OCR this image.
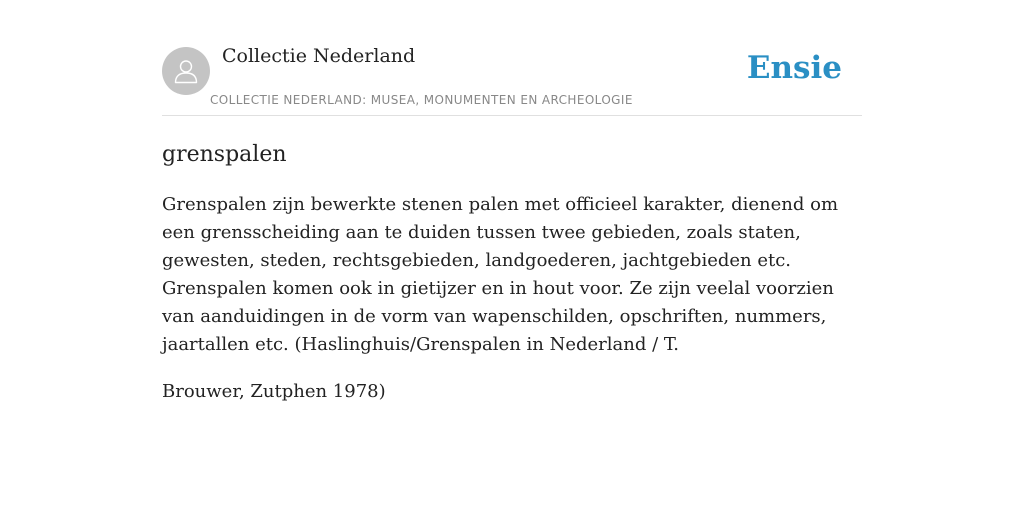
Collectie Nederland
COLLECTIE NEDERLAND: MUSEA, MONUMENTEN EN ARCHEOLOGIE
Ensie
grenspalen

Grenspalen zijn bewerkte stenen palen met officieel karakter, dienend om een grensscheiding aan te duiden tussen twee gebieden, zoals staten, gewesten, steden, rechtsgebieden, landgoederen, jachtgebieden etc. Grenspalen komen ook in gietijzer en in hout voor. Ze zijn veelal voorzien van aanduidingen in de vorm van wapenschilden, opschriften, nummers, jaartallen etc. (Haslinghuis/Grenspalen in Nederland / T.

Brouwer, Zutphen 1978)
